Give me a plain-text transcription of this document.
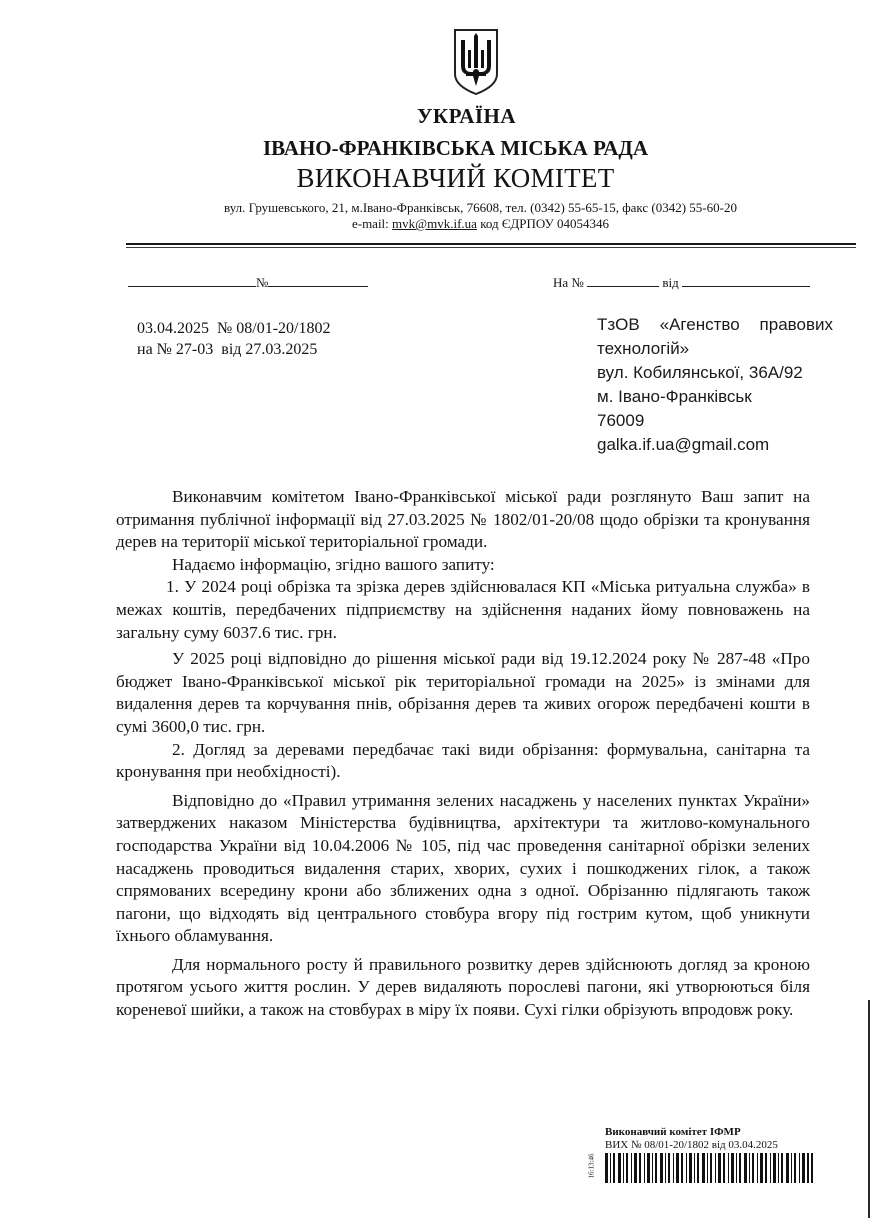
УКРАЇНА
ІВАНО-ФРАНКІВСЬКА МІСЬКА РАДА
ВИКОНАВЧИЙ КОМІТЕТ
вул. Грушевського, 21, м.Івано-Франківськ, 76608, тел. (0342) 55-65-15, факс (0342) 55-60-20
e-mail: mvk@mvk.if.ua код ЄДРПОУ 04054346
№	На №	від
03.04.2025 № 08/01-20/1802
на № 27-03 від 27.03.2025
ТзОВ «Агенство правових
технологій»
вул. Кобилянської, 36А/92
м. Івано-Франківськ
76009
galka.if.ua@gmail.com

Виконавчим комітетом Івано-Франківської міської ради розглянуто Ваш запит на отримання публічної інформації від 27.03.2025 № 1802/01-20/08 щодо обрізки та кронування дерев на території міської територіальної громади.

Надаємо інформацію, згідно вашого запиту:

1. У 2024 році обрізка та зрізка дерев здійснювалася КП «Міська ритуальна служба» в межах коштів, передбачених підприємству на здійснення наданих йому повноважень на загальну суму 6037.6 тис. грн.

У 2025 році відповідно до рішення міської ради від 19.12.2024 року № 287-48 «Про бюджет Івано-Франківської міської рік територіальної громади на 2025» із змінами для видалення дерев та корчування пнів, обрізання дерев та живих огорож передбачені кошти в сумі 3600,0 тис. грн.

2. Догляд за деревами передбачає такі види обрізання: формувальна, санітарна та кронування при необхідності).

Відповідно до «Правил утримання зелених насаджень у населених пунктах України» затверджених наказом Міністерства будівництва, архітектури та житлово-комунального господарства України від 10.04.2006 № 105, під час проведення санітарної обрізки зелених насаджень проводиться видалення старих, хворих, сухих і пошкоджених гілок, а також спрямованих всередину крони або зближених одна з одної. Обрізанню підлягають також пагони, що відходять від центрального стовбура вгору під гострим кутом, щоб уникнути їхнього обламування.

Для нормального росту й правильного розвитку дерев здійснюють догляд за кроною протягом усього життя рослин. У дерев видаляють порослеві пагони, які утворюються біля кореневої шийки, а також на стовбурах в міру їх появи. Сухі гілки обрізують впродовж року.

Виконавчий комітет ІФМР
ВИХ № 08/01-20/1802 від 03.04.2025
16:13:46
